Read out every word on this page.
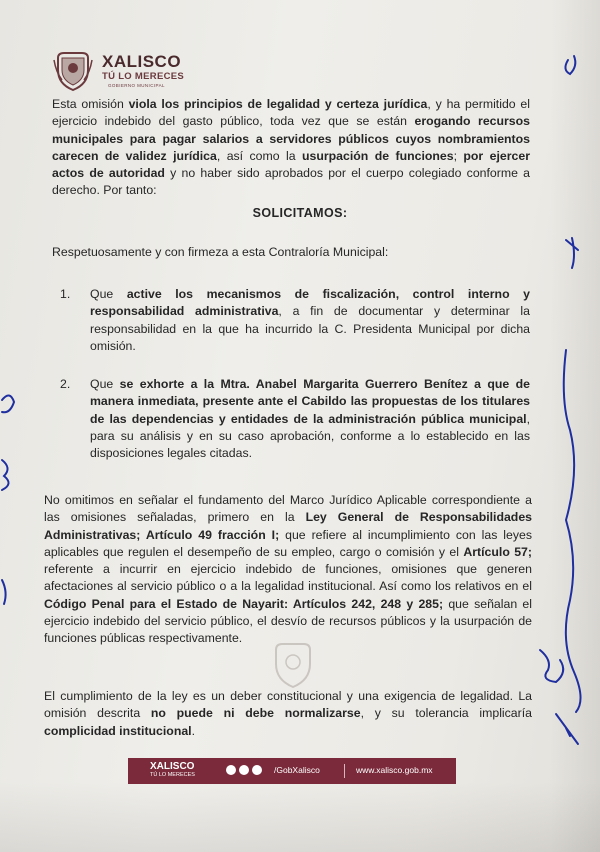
XALISCO
TÚ LO MERECES
GOBIERNO MUNICIPAL

Esta omisión viola los principios de legalidad y certeza jurídica, y ha permitido el ejercicio indebido del gasto público, toda vez que se están erogando recursos municipales para pagar salarios a servidores públicos cuyos nombramientos carecen de validez jurídica, así como la usurpación de funciones; por ejercer actos de autoridad y no haber sido aprobados por el cuerpo colegiado conforme a derecho. Por tanto:

SOLICITAMOS:
Respetuosamente y con firmeza a esta Contraloría Municipal:
1. Que active los mecanismos de fiscalización, control interno y responsabilidad administrativa, a fin de documentar y determinar la responsabilidad en la que ha incurrido la C. Presidenta Municipal por dicha omisión.

2. Que se exhorte a la Mtra. Anabel Margarita Guerrero Benítez a que de manera inmediata, presente ante el Cabildo las propuestas de los titulares de las dependencias y entidades de la administración pública municipal, para su análisis y en su caso aprobación, conforme a lo establecido en las disposiciones legales citadas.

No omitimos en señalar el fundamento del Marco Jurídico Aplicable correspondiente a las omisiones señaladas, primero en la Ley General de Responsabilidades Administrativas; Artículo 49 fracción I; que refiere al incumplimiento con las leyes aplicables que regulen el desempeño de su empleo, cargo o comisión y el Artículo 57; referente a incurrir en ejercicio indebido de funciones, omisiones que generen afectaciones al servicio público o a la legalidad institucional. Así como los relativos en el Código Penal para el Estado de Nayarit: Artículos 242, 248 y 285; que señalan el ejercicio indebido del servicio público, el desvío de recursos públicos y la usurpación de funciones públicas respectivamente.

El cumplimiento de la ley es un deber constitucional y una exigencia de legalidad. La omisión descrita no puede ni debe normalizarse, y su tolerancia implicaría complicidad institucional.

XALISCO
TÚ LO MERECES	/GobXalisco	www.xalisco.gob.mx
